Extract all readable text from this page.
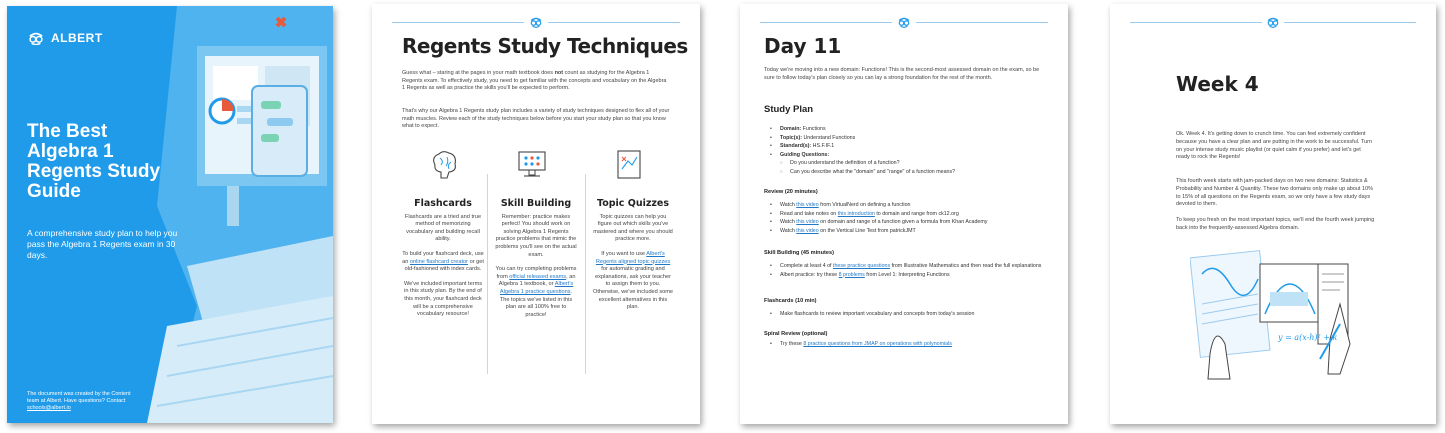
ALBERT
The Best Algebra 1 Regents Study Guide
A comprehensive study plan to help you pass the Algebra 1 Regents exam in 30 days.
The document was created by the Content team at Albert. Have questions? Contact schools@albert.io
Regents Study Techniques
Guess what – staring at the pages in your math textbook does not count as studying for the Algebra 1 Regents exam. To effectively study, you need to get familiar with the concepts and vocabulary on the Algebra 1 Regents as well as practice the skills you'll be expected to perform.
That's why our Algebra 1 Regents study plan includes a variety of study techniques designed to flex all of your math muscles. Review each of the study techniques below before you start your study plan so that you know what to expect.
Flashcards

Flashcards are a tried and true method of memorizing vocabulary and building recall ability.

To build your flashcard deck, use an online flashcard creator or get old-fashioned with index cards.

We've included important terms in this study plan. By the end of this month, your flashcard deck will be a comprehensive vocabulary resource!

Skill Building

Remember: practice makes perfect! You should work on solving Algebra 1 Regents practice problems that mimic the problems you'll see on the actual exam.

You can try completing problems from official released exams, an Algebra 1 textbook, or Albert's Algebra 1 practice questions. The topics we've listed in this plan are all 100% free to practice!

Topic Quizzes

Topic quizzes can help you figure out which skills you've mastered and where you should practice more.

If you want to use Albert's Regents aligned topic quizzes for automatic grading and explanations, ask your teacher to assign them to you. Otherwise, we've included some excellent alternatives in this plan.

Day 11
Today we're moving into a new domain: Functions! This is the second-most assessed domain on the exam, so be sure to follow today's plan closely so you can lay a strong foundation for the rest of the month.
Study Plan
• Domain: Functions
• Topic(s): Understand Functions
• Standard(s): HS.F.IF.1
• Guiding Questions:
○ Do you understand the definition of a function?
○ Can you describe what the "domain" and "range" of a function means?
Review (20 minutes)
• Watch this video from VirtualNerd on defining a function
• Read and take notes on this introduction to domain and range from ck12.org
• Watch this video on domain and range of a function given a formula from Khan Academy
• Watch this video on the Vertical Line Test from patrickJMT
Skill Building (45 minutes)
• Complete at least 4 of these practice questions from Illustrative Mathematics and then read the full explanations
• Albert practice: try these 8 problems from Level 1: Interpreting Functions
Flashcards (10 min)
• Make flashcards to review important vocabulary and concepts from today's session
Spiral Review (optional)
• Try these 8 practice questions from JMAP on operations with polynomials
Week 4
Ok. Week 4. It's getting down to crunch time. You can feel extremely confident because you have a clear plan and are putting in the work to be successful. Turn on your intense study music playlist (or quiet calm if you prefer) and let's get ready to rock the Regents!
This fourth week starts with jam-packed days on two new domains: Statistics & Probability and Number & Quantity. These two domains only make up about 10% to 15% of all questions on the Regents exam, so we only have a few study days devoted to them.
To keep you fresh on the most important topics, we'll end the fourth week jumping back into the frequently-assessed Algebra domain.
y = a(x-h)² + k
